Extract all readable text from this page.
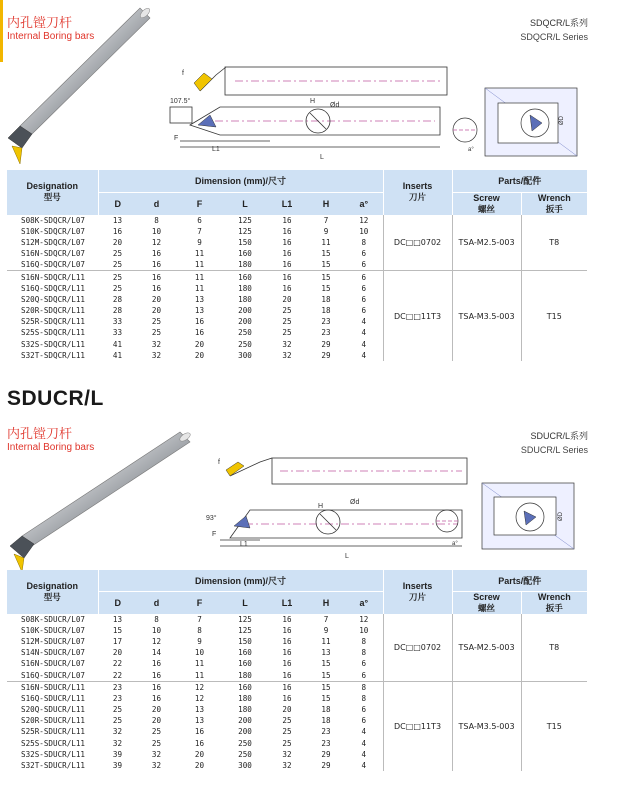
内孔镗刀杆
Internal Boring bars
SDQCR/L系列
SDQCR/L Series
f
107.5°
F
L1
L
H
Ød
ØD
a°
Designation
型号	Dimension (mm)/尺寸							Inserts
刀片	Parts/配件	
	D	d	F	L	L1	H	a°		Screw
螺丝	Wrench
扳手
S08K-SDQCR/L07	13	8	6	125	16	7	12	DC□□0702	TSA-M2.5-003	T8
S10K-SDQCR/L07	16	10	7	125	16	9	10			
S12M-SDQCR/L07	20	12	9	150	16	11	8			
S16N-SDQCR/L07	25	16	11	160	16	15	6			
S16Q-SDQCR/L07	25	16	11	180	16	15	6			
S16N-SDQCR/L11	25	16	11	160	16	15	6	DC□□11T3	TSA-M3.5-003	T15
S16Q-SDQCR/L11	25	16	11	180	16	15	6			
S20Q-SDQCR/L11	28	20	13	180	20	18	6			
S20R-SDQCR/L11	28	20	13	200	25	18	6			
S25R-SDQCR/L11	33	25	16	200	25	23	4			
S25S-SDQCR/L11	33	25	16	250	25	23	4			
S32S-SDQCR/L11	41	32	20	250	32	29	4			
S32T-SDQCR/L11	41	32	20	300	32	29	4			
SDUCR/L
内孔镗刀杆
Internal Boring bars
SDUCR/L系列
SDUCR/L Series
f
93°
F
L1
L
H
Ød
ØD
a°
Designation
型号	Dimension (mm)/尺寸							Inserts
刀片	Parts/配件	
	D	d	F	L	L1	H	a°		Screw
螺丝	Wrench
扳手
S08K-SDUCR/L07	13	8	7	125	16	7	12	DC□□0702	TSA-M2.5-003	T8
S10K-SDUCR/L07	15	10	8	125	16	9	10			
S12M-SDUCR/L07	17	12	9	150	16	11	8			
S14N-SDUCR/L07	20	14	10	160	16	13	8			
S16N-SDUCR/L07	22	16	11	160	16	15	6			
S16Q-SDUCR/L07	22	16	11	180	16	15	6			
S16N-SDUCR/L11	23	16	12	160	16	15	8	DC□□11T3	TSA-M3.5-003	T15
S16Q-SDUCR/L11	23	16	12	180	16	15	8			
S20Q-SDUCR/L11	25	20	13	180	20	18	6			
S20R-SDUCR/L11	25	20	13	200	25	18	6			
S25R-SDUCR/L11	32	25	16	200	25	23	4			
S25S-SDUCR/L11	32	25	16	250	25	23	4			
S32S-SDUCR/L11	39	32	20	250	32	29	4			
S32T-SDUCR/L11	39	32	20	300	32	29	4			
